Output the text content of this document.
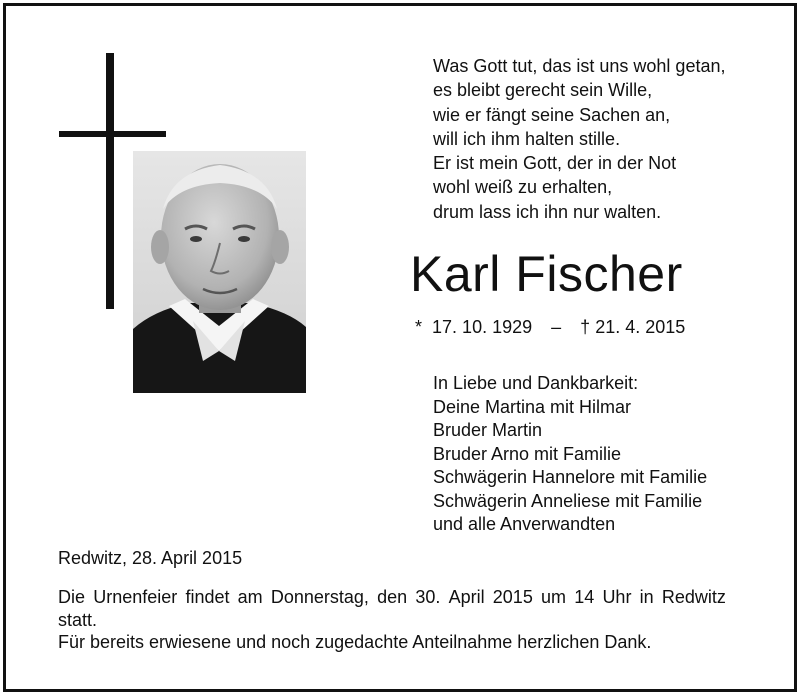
Was Gott tut, das ist uns wohl getan,
es bleibt gerecht sein Wille,
wie er fängt seine Sachen an,
will ich ihm halten stille.
Er ist mein Gott, der in der Not
wohl weiß zu erhalten,
drum lass ich ihn nur walten.
Karl Fischer
* 17. 10. 1929 – † 21. 4. 2015
In Liebe und Dankbarkeit:
Deine Martina mit Hilmar
Bruder Martin
Bruder Arno mit Familie
Schwägerin Hannelore mit Familie
Schwägerin Anneliese mit Familie
und alle Anverwandten
Redwitz, 28. April 2015
Die Urnenfeier findet am Donnerstag, den 30. April 2015 um 14 Uhr in Redwitz
statt.
Für bereits erwiesene und noch zugedachte Anteilnahme herzlichen Dank.
